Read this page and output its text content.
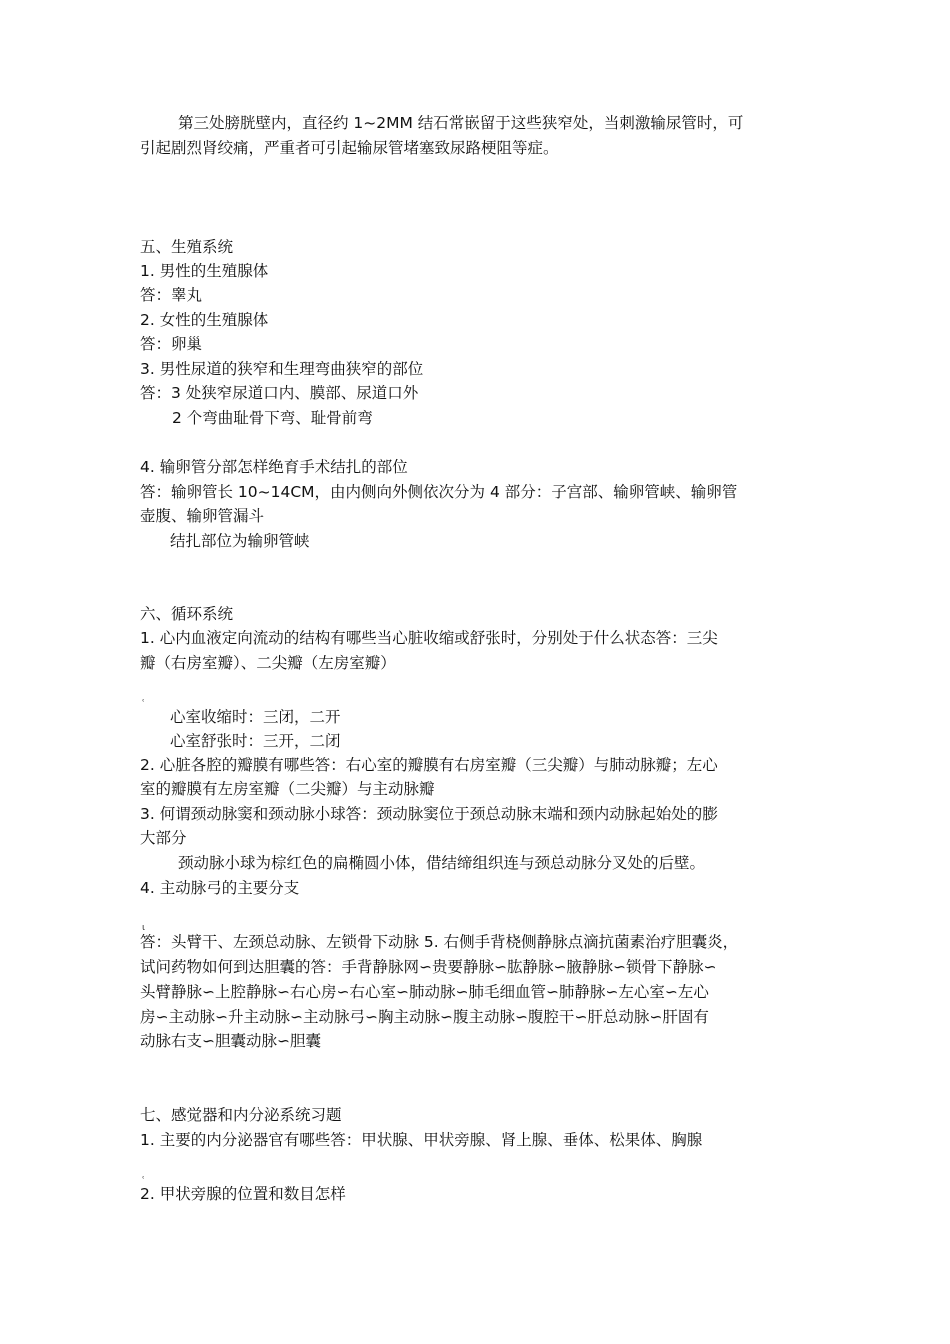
第三处膀胱壁内，直径约 1~2MM 结石常嵌留于这些狭窄处，当刺激输尿管时，可
引起剧烈肾绞痛，严重者可引起输尿管堵塞致尿路梗阻等症。
五、生殖系统
1. 男性的生殖腺体
答：睾丸
2. 女性的生殖腺体
答：卵巢
3. 男性尿道的狭窄和生理弯曲狭窄的部位
答：3 处狭窄尿道口内、膜部、尿道口外
2 个弯曲耻骨下弯、耻骨前弯
4. 输卵管分部怎样绝育手术结扎的部位
答：输卵管长 10~14CM，由内侧向外侧依次分为 4 部分：子宫部、输卵管峡、输卵管
壶腹、输卵管漏斗
结扎部位为输卵管峡
六、循环系统
1. 心内血液定向流动的结构有哪些当心脏收缩或舒张时，分别处于什么状态答：三尖
瓣（右房室瓣）、二尖瓣（左房室瓣）
ʿ
心室收缩时：三闭，二开
心室舒张时：三开，二闭
2. 心脏各腔的瓣膜有哪些答：右心室的瓣膜有右房室瓣（三尖瓣）与肺动脉瓣；左心
室的瓣膜有左房室瓣（二尖瓣）与主动脉瓣
3. 何谓颈动脉窦和颈动脉小球答：颈动脉窦位于颈总动脉末端和颈内动脉起始处的膨
大部分
颈动脉小球为棕红色的扁椭圆小体，借结缔组织连与颈总动脉分叉处的后壁。
4. 主动脉弓的主要分支
ɩ
答：头臂干、左颈总动脉、左锁骨下动脉 5. 右侧手背桡侧静脉点滴抗菌素治疗胆囊炎，
试问药物如何到达胆囊的答：手背静脉网∽贵要静脉∽肱静脉∽腋静脉∽锁骨下静脉∽
头臂静脉∽上腔静脉∽右心房∽右心室∽肺动脉∽肺毛细血管∽肺静脉∽左心室∽左心
房∽主动脉∽升主动脉∽主动脉弓∽胸主动脉∽腹主动脉∽腹腔干∽肝总动脉∽肝固有
动脉右支∽胆囊动脉∽胆囊
七、感觉器和内分泌系统习题
1. 主要的内分泌器官有哪些答：甲状腺、甲状旁腺、肾上腺、垂体、松果体、胸腺
ʿ
2. 甲状旁腺的位置和数目怎样
